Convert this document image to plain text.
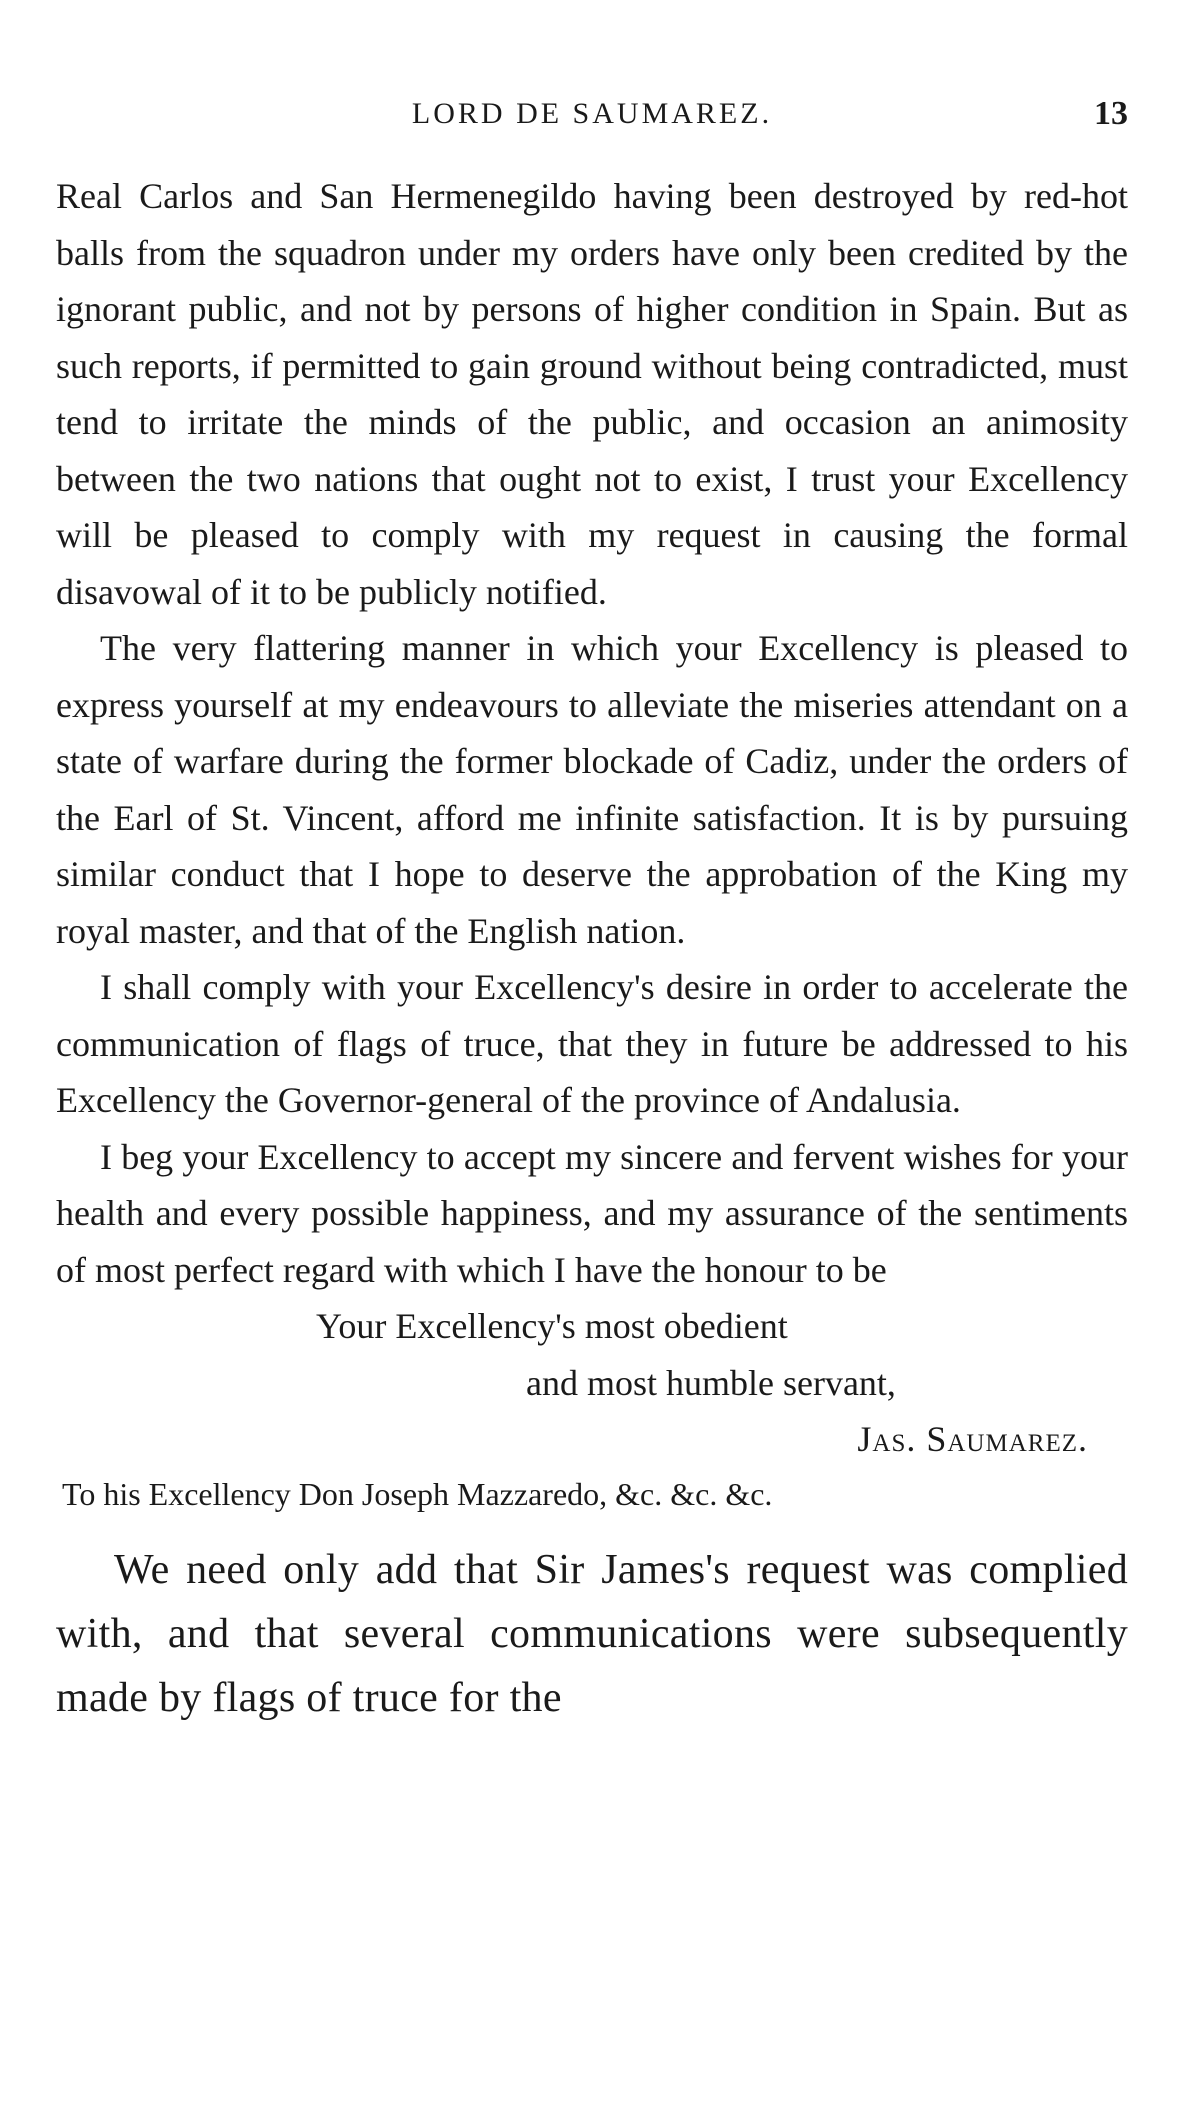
LORD DE SAUMAREZ.	13

Real Carlos and San Hermenegildo having been destroyed by red-hot balls from the squadron under my orders have only been credited by the ignorant public, and not by persons of higher condition in Spain. But as such reports, if permitted to gain ground without being contradicted, must tend to irritate the minds of the public, and occasion an animosity between the two nations that ought not to exist, I trust your Excellency will be pleased to comply with my request in causing the formal disavowal of it to be publicly notified.

The very flattering manner in which your Excellency is pleased to express yourself at my endeavours to alleviate the miseries attendant on a state of warfare during the former blockade of Cadiz, under the orders of the Earl of St. Vincent, afford me infinite satisfaction. It is by pursuing similar conduct that I hope to deserve the approbation of the King my royal master, and that of the English nation.

I shall comply with your Excellency's desire in order to accelerate the communication of flags of truce, that they in future be addressed to his Excellency the Governor-general of the province of Andalusia.

I beg your Excellency to accept my sincere and fervent wishes for your health and every possible happiness, and my assurance of the sentiments of most perfect regard with which I have the honour to be

Your Excellency's most obedient

and most humble servant,

Jas. Saumarez.

To his Excellency Don Joseph Mazzaredo, &c. &c. &c.

We need only add that Sir James's request was complied with, and that several communications were subsequently made by flags of truce for the
